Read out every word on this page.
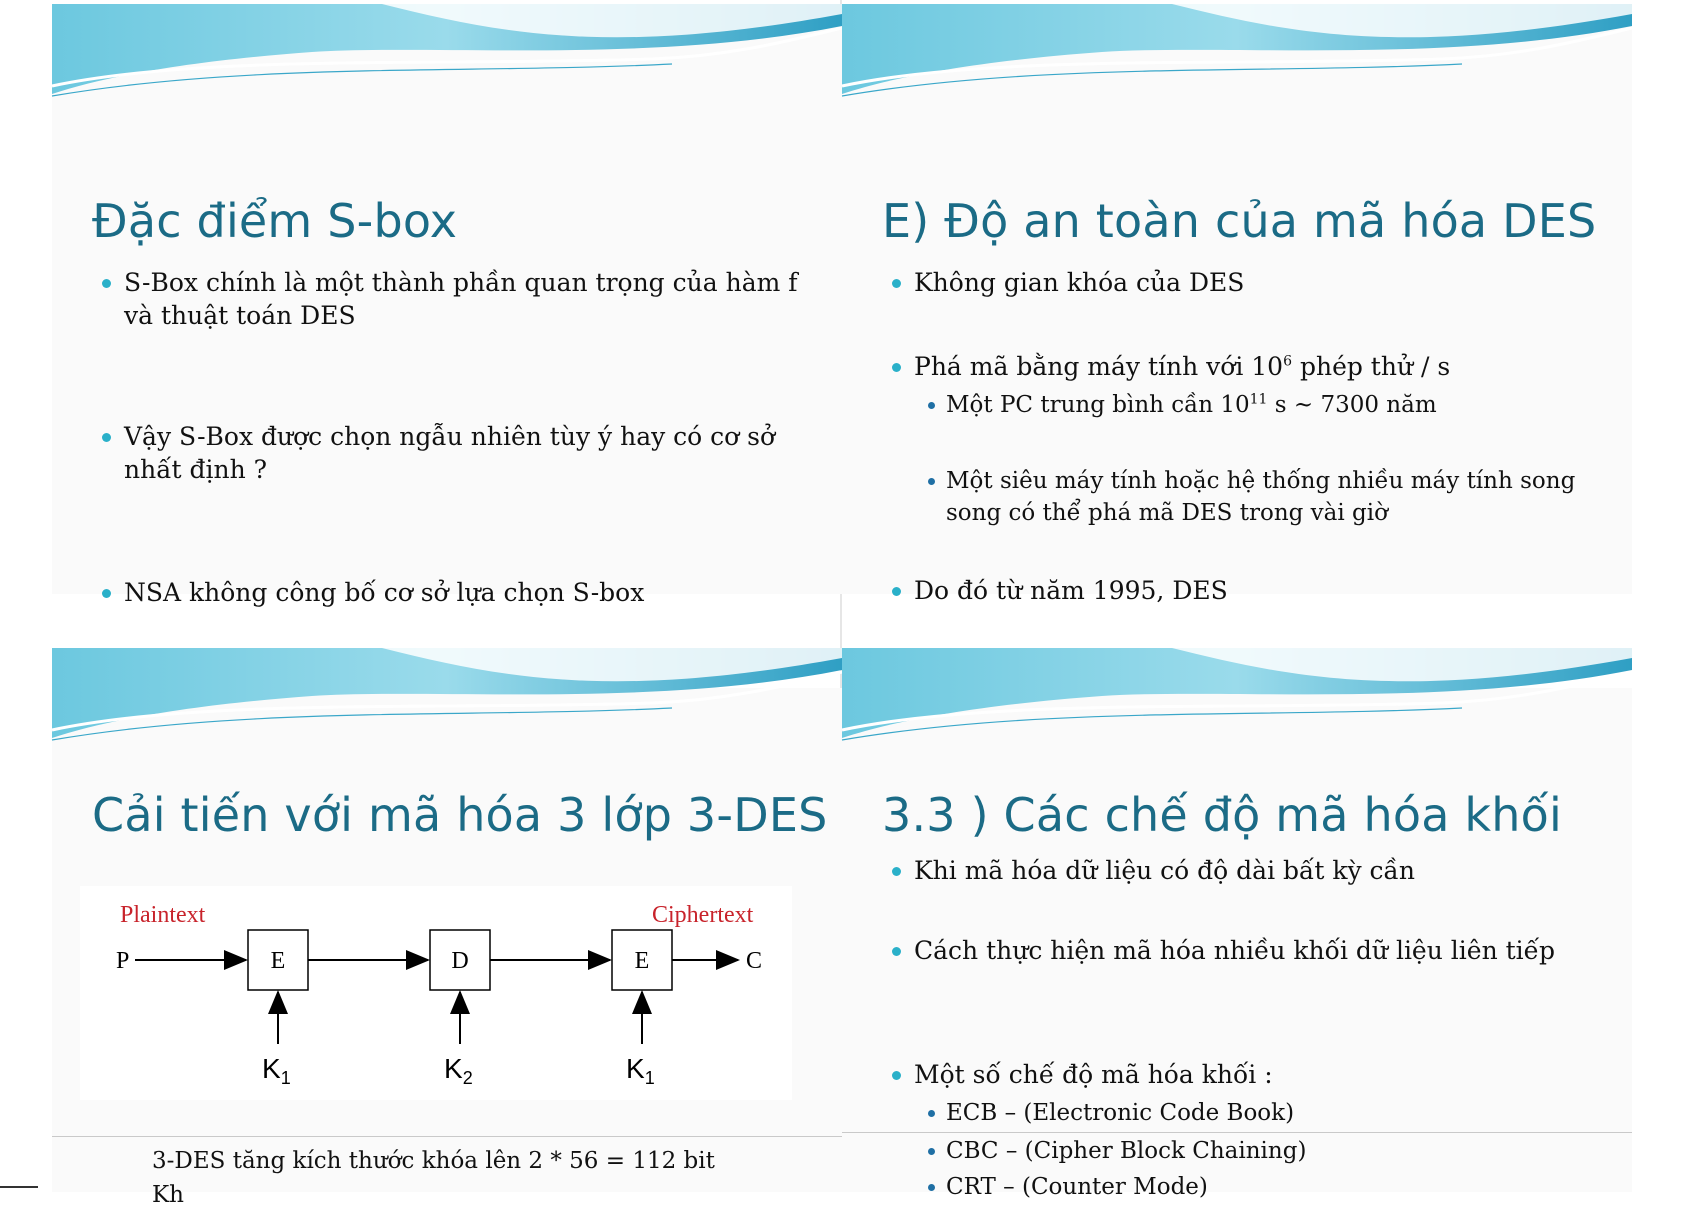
Đặc điểm S-box
S-Box chính là một thành phần quan trọng của hàm f
và thuật toán DES
Vậy S-Box được chọn ngẫu nhiên tùy ý hay có cơ sở
nhất định ?
NSA không công bố cơ sở lựa chọn S-box
E) Độ an toàn của mã hóa DES
Không gian khóa của DES
Phá mã bằng máy tính với $10^6$ phép thử / s
Một PC trung bình cần $10^{11}$ s ~ 7300 năm
Một siêu máy tính hoặc hệ thống nhiều máy tính song
song có thể phá mã DES trong vài giờ
Do đó từ năm 1995, DES
Cải tiến với mã hóa 3 lớp 3-DES
Plaintext	Ciphertext
P	C
E	D	E
$K_1$	$K_2$	$K_1$
3-DES tăng kích thước khóa lên 2 * 56 = 112 bit
Kh
3.3 ) Các chế độ mã hóa khối
Khi mã hóa dữ liệu có độ dài bất kỳ cần
Cách thực hiện mã hóa nhiều khối dữ liệu liên tiếp
Một số chế độ mã hóa khối :
ECB – (Electronic Code Book)
CBC – (Cipher Block Chaining)
CRT – (Counter Mode)
